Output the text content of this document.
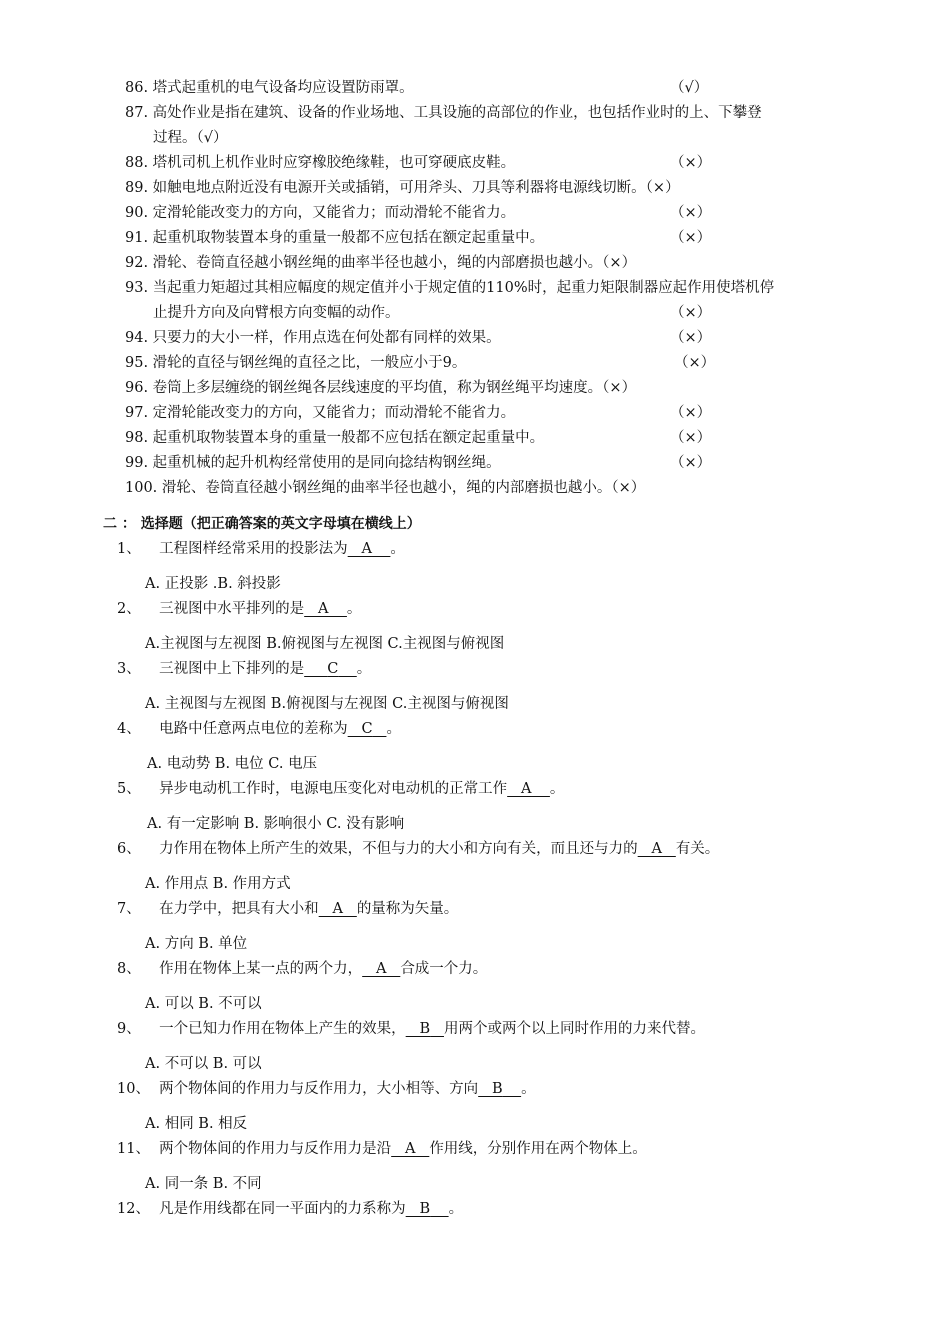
86. 塔式起重机的电气设备均应设置防雨罩。	（√）
87. 高处作业是指在建筑、设备的作业场地、工具设施的高部位的作业，也包括作业时的上、下攀登
过程。（√）
88. 塔机司机上机作业时应穿橡胶绝缘鞋，也可穿硬底皮鞋。	（×）
89. 如触电地点附近没有电源开关或插销，可用斧头、刀具等利器将电源线切断。（×）
90. 定滑轮能改变力的方向，又能省力；而动滑轮不能省力。	（×）
91. 起重机取物装置本身的重量一般都不应包括在额定起重量中。	（×）
92. 滑轮、卷筒直径越小钢丝绳的曲率半径也越小，绳的内部磨损也越小。（×）
93. 当起重力矩超过其相应幅度的规定值并小于规定值的110%时，起重力矩限制器应起作用使塔机停
止提升方向及向臂根方向变幅的动作。	（×）
94. 只要力的大小一样，作用点选在何处都有同样的效果。	（×）
95. 滑轮的直径与钢丝绳的直径之比，一般应小于9。	（×）
96. 卷筒上多层缠绕的钢丝绳各层线速度的平均值，称为钢丝绳平均速度。（×）
97. 定滑轮能改变力的方向，又能省力；而动滑轮不能省力。	（×）
98. 起重机取物装置本身的重量一般都不应包括在额定起重量中。	（×）
99. 起重机械的起升机构经常使用的是同向捻结构钢丝绳。	（×）
100. 滑轮、卷筒直径越小钢丝绳的曲率半径也越小，绳的内部磨损也越小。（×）
二 ： 选择题（把正确答案的英文字母填在横线上）
1、 工程图样经常采用的投影法为 A 。
A. 正投影 .B. 斜投影
2、 三视图中水平排列的是 A 。
A.主视图与左视图 B.俯视图与左视图 C.主视图与俯视图
3、 三视图中上下排列的是 C 。
A. 主视图与左视图 B.俯视图与左视图 C.主视图与俯视图
4、 电路中任意两点电位的差称为 C 。
A. 电动势 B. 电位 C. 电压
5、 异步电动机工作时，电源电压变化对电动机的正常工作 A 。
A. 有一定影响 B. 影响很小 C. 没有影响
6、 力作用在物体上所产生的效果，不但与力的大小和方向有关，而且还与力的 A 有关。
A. 作用点 B. 作用方式
7、 在力学中，把具有大小和 A 的量称为矢量。
A. 方向 B. 单位
8、 作用在物体上某一点的两个力， A 合成一个力。
A. 可以 B. 不可以
9、 一个已知力作用在物体上产生的效果， B 用两个或两个以上同时作用的力来代替。
A. 不可以 B. 可以
10、 两个物体间的作用力与反作用力，大小相等、方向 B 。
A. 相同 B. 相反
11、 两个物体间的作用力与反作用力是沿 A 作用线，分别作用在两个物体上。
A. 同一条 B. 不同
12、 凡是作用线都在同一平面内的力系称为 B 。
